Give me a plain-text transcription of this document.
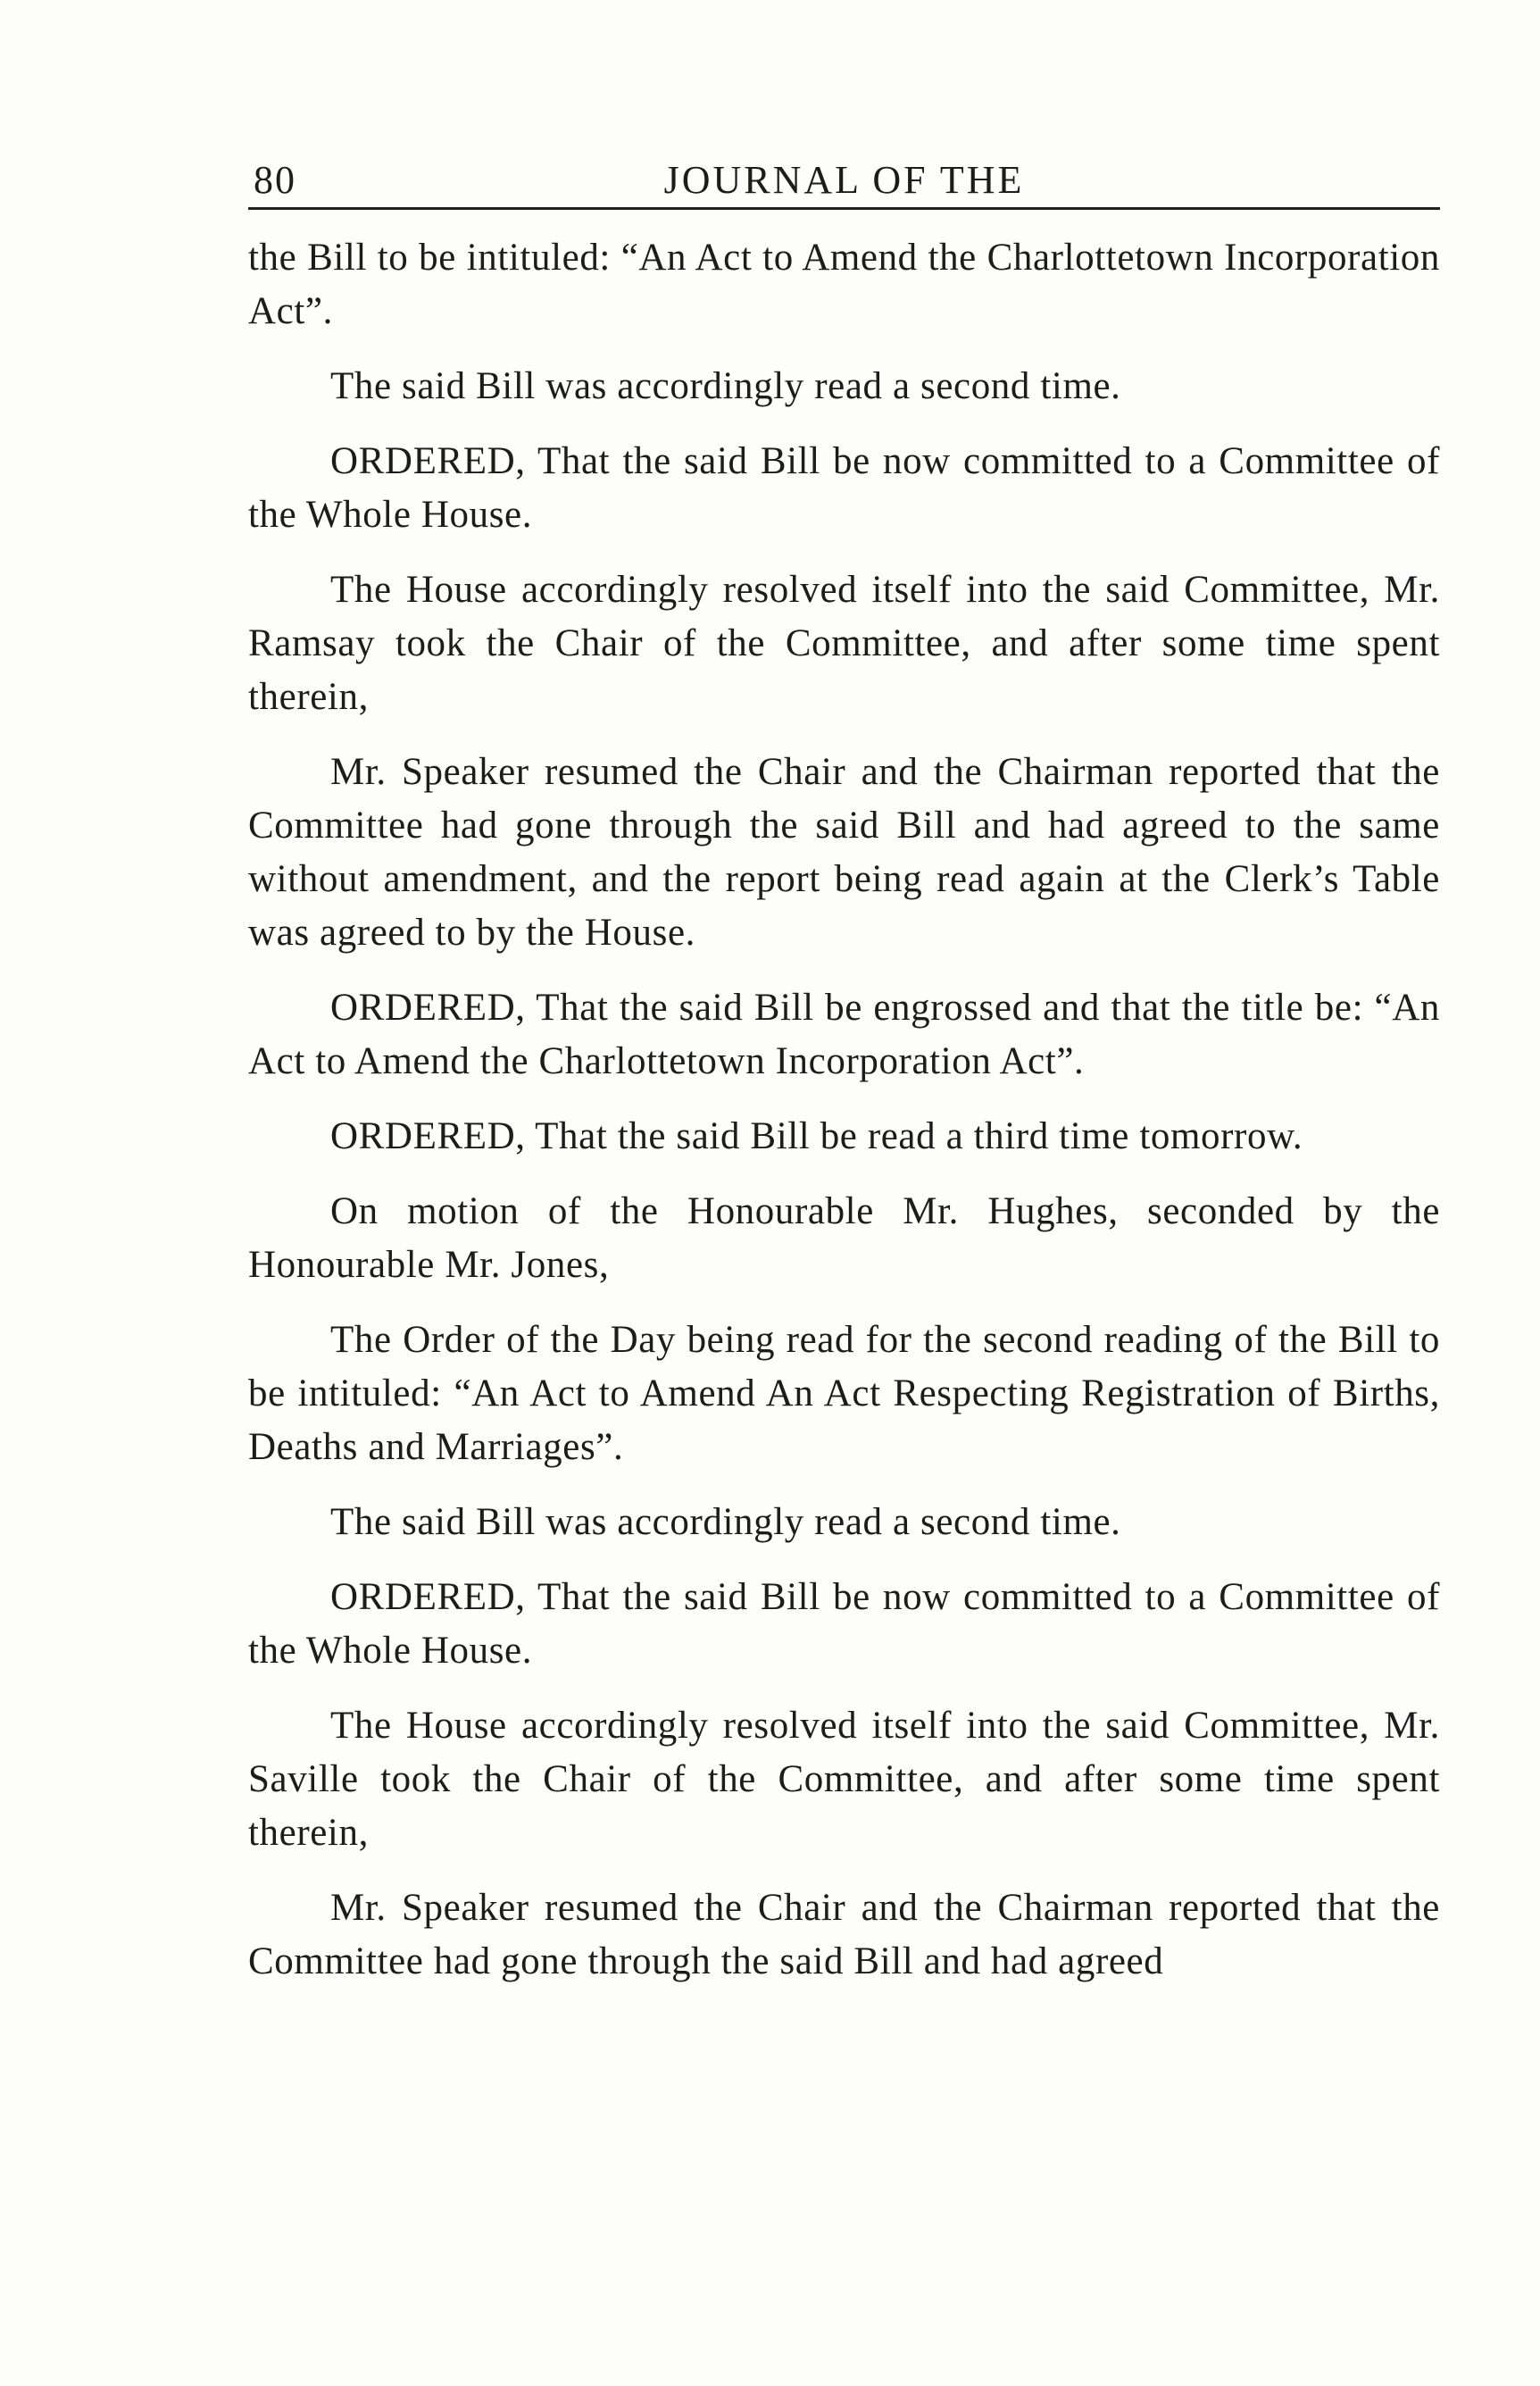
80	JOURNAL OF THE

the Bill to be intituled: “An Act to Amend the Charlottetown Incorporation Act”.

The said Bill was accordingly read a second time.

ORDERED, That the said Bill be now committed to a Committee of the Whole House.

The House accordingly resolved itself into the said Committee, Mr. Ramsay took the Chair of the Committee, and after some time spent therein,

Mr. Speaker resumed the Chair and the Chairman reported that the Committee had gone through the said Bill and had agreed to the same without amendment, and the report being read again at the Clerk’s Table was agreed to by the House.

ORDERED, That the said Bill be engrossed and that the title be: “An Act to Amend the Charlottetown Incorporation Act”.

ORDERED, That the said Bill be read a third time tomorrow.

On motion of the Honourable Mr. Hughes, seconded by the Honourable Mr. Jones,

The Order of the Day being read for the second reading of the Bill to be intituled: “An Act to Amend An Act Respecting Registration of Births, Deaths and Marriages”.

The said Bill was accordingly read a second time.

ORDERED, That the said Bill be now committed to a Committee of the Whole House.

The House accordingly resolved itself into the said Committee, Mr. Saville took the Chair of the Committee, and after some time spent therein,

Mr. Speaker resumed the Chair and the Chairman reported that the Committee had gone through the said Bill and had agreed
